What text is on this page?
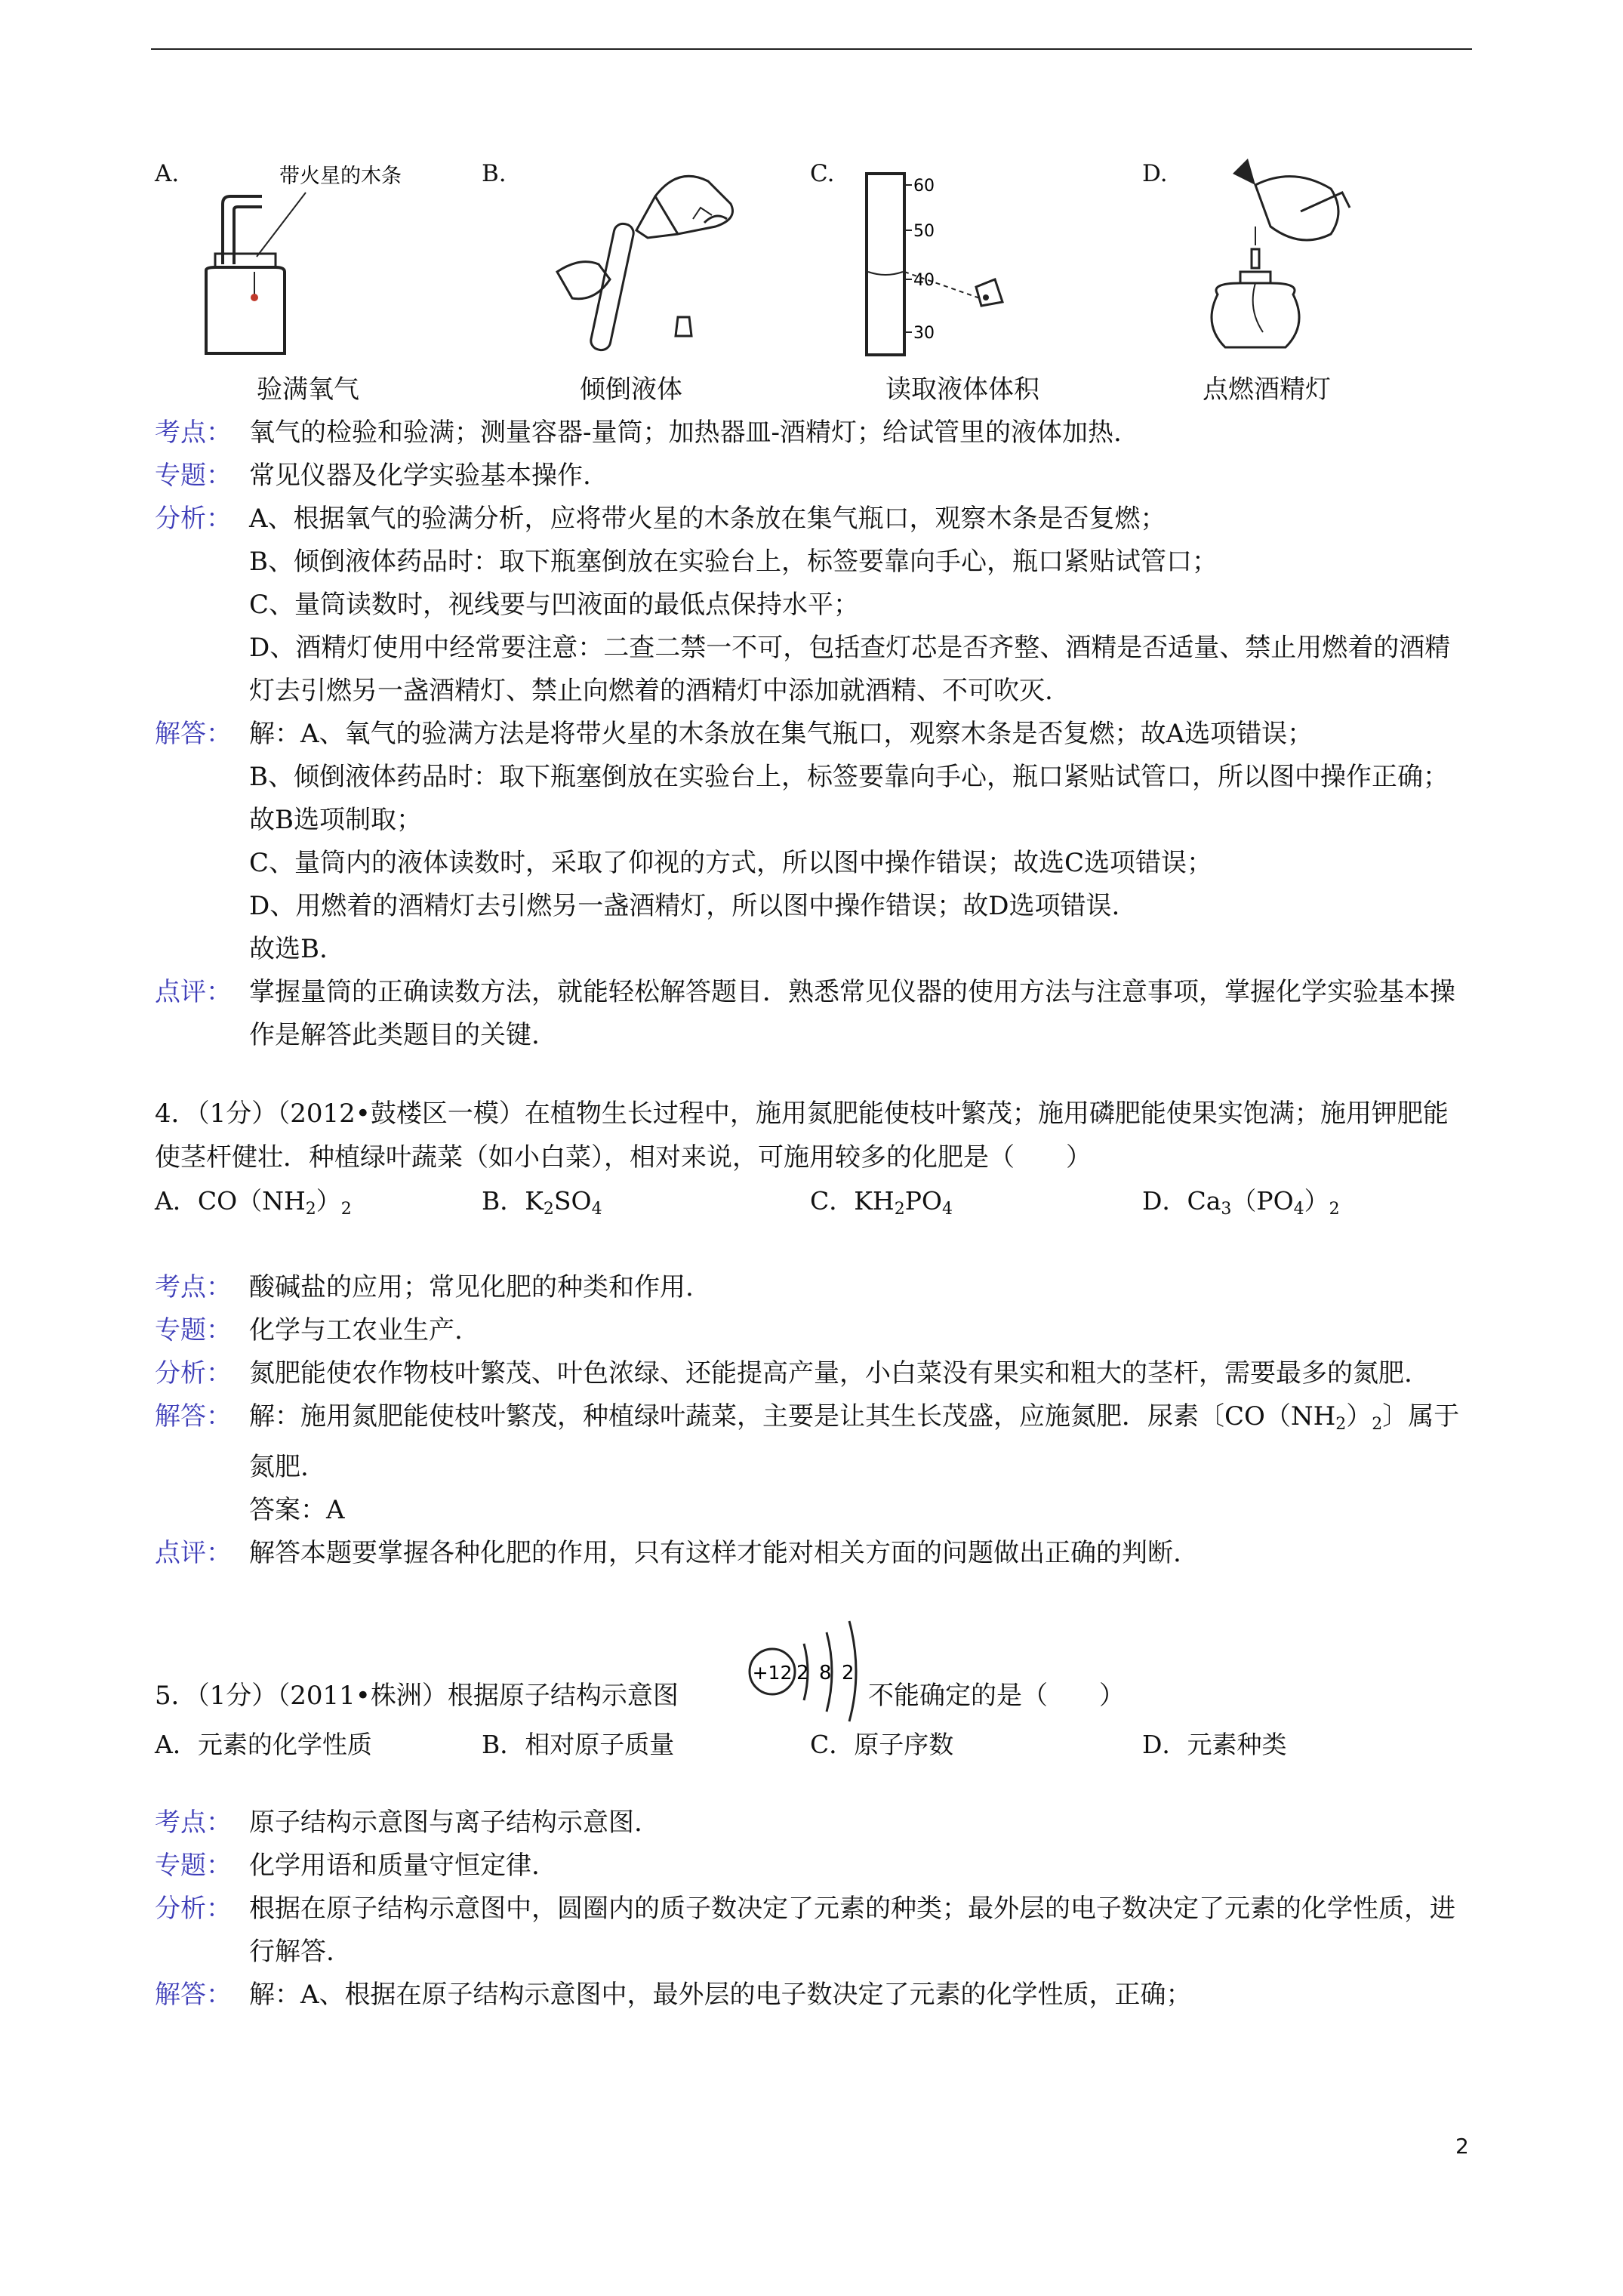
A.	带火星的木条
验满氧气
B.
倾倒液体
C.	60
50
40
30
读取液体体积
D.
点燃酒精灯
考点： 氧气的检验和验满；测量容器-量筒；加热器皿-酒精灯；给试管里的液体加热.
专题： 常见仪器及化学实验基本操作.
分析： A、根据氧气的验满分析，应将带火星的木条放在集气瓶口，观察木条是否复燃；

B、倾倒液体药品时：取下瓶塞倒放在实验台上，标签要靠向手心，瓶口紧贴试管口；

C、量筒读数时，视线要与凹液面的最低点保持水平；

D、酒精灯使用中经常要注意：二查二禁一不可，包括查灯芯是否齐整、酒精是否适量、禁止用燃着的酒精灯去引燃另一盏酒精灯、禁止向燃着的酒精灯中添加就酒精、不可吹灭.

解答： 解：A、氧气的验满方法是将带火星的木条放在集气瓶口，观察木条是否复燃；故A选项错误；

B、倾倒液体药品时：取下瓶塞倒放在实验台上，标签要靠向手心，瓶口紧贴试管口，所以图中操作正确；故B选项制取；

C、量筒内的液体读数时，采取了仰视的方式，所以图中操作错误；故选C选项错误；

D、用燃着的酒精灯去引燃另一盏酒精灯，所以图中操作错误；故D选项错误.

故选B.

点评： 掌握量筒的正确读数方法，就能轻松解答题目．熟悉常见仪器的使用方法与注意事项，掌握化学实验基本操作是解答此类题目的关键.

4．（1分）（2012•鼓楼区一模）在植物生长过程中，施用氮肥能使枝叶繁茂；施用磷肥能使果实饱满；施用钾肥能使茎杆健壮．种植绿叶蔬菜（如小白菜），相对来说，可施用较多的化肥是（　　）

A．$CO(NH_2)_2$	B．$K_2SO_4$	C．$KH_2PO_4$	D．$Ca_3(PO_4)_2$
考点： 酸碱盐的应用；常见化肥的种类和作用.
专题： 化学与工农业生产.
分析： 氮肥能使农作物枝叶繁茂、叶色浓绿、还能提高产量，小白菜没有果实和粗大的茎杆，需要最多的氮肥.
解答： 解：施用氮肥能使枝叶繁茂，种植绿叶蔬菜，主要是让其生长茂盛，应施氮肥．尿素〔$CO(NH_2)_2$〕属于氮肥.

答案：A

点评： 解答本题要掌握各种化肥的作用，只有这样才能对相关方面的问题做出正确的判断.
5．（1分）（2011•株洲）根据原子结构示意图
+12 2 8 2
不能确定的是（　　）
A．元素的化学性质	B．相对原子质量	C．原子序数	D．元素种类
考点： 原子结构示意图与离子结构示意图.
专题： 化学用语和质量守恒定律.
分析： 根据在原子结构示意图中，圆圈内的质子数决定了元素的种类；最外层的电子数决定了元素的化学性质，进行解答.
解答： 解：A、根据在原子结构示意图中，最外层的电子数决定了元素的化学性质，正确；
2
